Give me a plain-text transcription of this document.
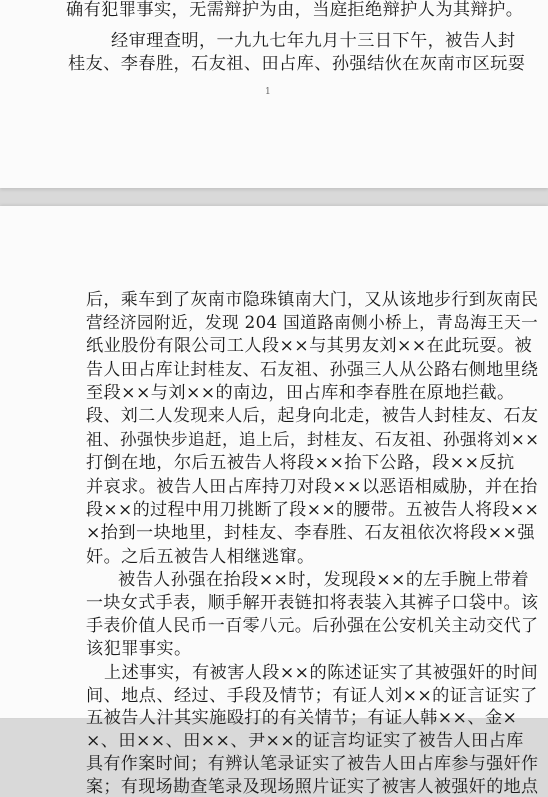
确有犯罪事实，无需辩护为由，当庭拒绝辩护人为其辩护。
经审理查明，一九九七年九月十三日下午，被告人封
桂友、李春胜，石友祖、田占库、孙强结伙在灰南市区玩耍
1
后，乘车到了灰南市隐珠镇南大门，又从该地步行到灰南民
营经济园附近，发现 204 国道路南侧小桥上，青岛海王天一
纸业股份有限公司工人段××与其男友刘××在此玩耍。被
告人田占库让封桂友、石友祖、孙强三人从公路右侧地里绕
至段××与刘××的南边，田占库和李春胜在原地拦截。
段、刘二人发现来人后，起身向北走，被告人封桂友、石友
祖、孙强快步追赶，追上后，封桂友、石友祖、孙强将刘××
打倒在地，尔后五被告人将段××抬下公路，段××反抗
并哀求。被告人田占库持刀对段××以恶语相威胁，并在抬
段××的过程中用刀挑断了段××的腰带。五被告人将段××
×抬到一块地里，封桂友、李春胜、石友祖依次将段××强
奸。之后五被告人相继逃窜。
被告人孙强在抬段××时，发现段××的左手腕上带着
一块女式手表，顺手解开表链扣将表装入其裤子口袋中。该
手表价值人民币一百零八元。后孙强在公安机关主动交代了
该犯罪事实。
上述事实，有被害人段××的陈述证实了其被强奸的时间
间、地点、经过、手段及情节；有证人刘××的证言证实了
五被告人汁其实施殴打的有关情节；有证人韩××、金×
×、田××、田××、尹××的证言均证实了被告人田占库
具有作案时间；有辨认笔录证实了被告人田占库参与强奸作
案；有现场勘查笔录及现场照片证实了被害人被强奸的地点
